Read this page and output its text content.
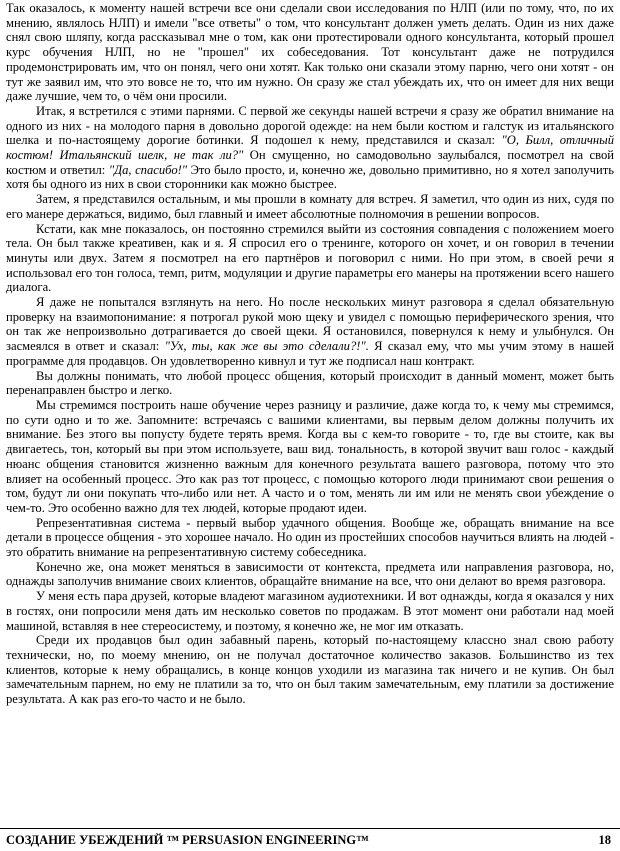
Так оказалось, к моменту нашей встречи все они сделали свои исследования по НЛП (или по тому, что, по их мнению, являлось НЛП) и имели "все ответы" о том, что консультант должен уметь делать. Один из них даже снял свою шляпу, когда рассказывал мне о том, как они протестировали одного консультанта, который прошел курс обучения НЛП, но не "прошел" их собеседования. Тот консультант даже не потрудился продемонстрировать им, что он понял, чего они хотят. Как только они сказали этому парню, чего они хотят - он тут же заявил им, что это вовсе не то, что им нужно. Он сразу же стал убеждать их, что он имеет для них вещи даже лучшие, чем то, о чём они просили.

Итак, я встретился с этими парнями. С первой же секунды нашей встречи я сразу же обратил внимание на одного из них - на молодого парня в довольно дорогой одежде: на нем были костюм и галстук из итальянского шелка и по-настоящему дорогие ботинки. Я подошел к нему, представился и сказал: "О, Билл, отличный костюм! Итальянский шелк, не так ли?" Он смущенно, но самодовольно заулыбался, посмотрел на свой костюм и ответил: "Да, спасибо!" Это было просто, и, конечно же, довольно примитивно, но я хотел заполучить хотя бы одного из них в свои сторонники как можно быстрее.

Затем, я представился остальным, и мы прошли в комнату для встреч. Я заметил, что один из них, судя по его манере держаться, видимо, был главный и имеет абсолютные полномочия в решении вопросов.

Кстати, как мне показалось, он постоянно стремился выйти из состояния совпадения с положением моего тела. Он был также креативен, как и я. Я спросил его о тренинге, которого он хочет, и он говорил в течении минуты или двух. Затем я посмотрел на его партнёров и поговорил с ними. Но при этом, в своей речи я использовал его тон голоса, темп, ритм, модуляции и другие параметры его манеры на протяжении всего нашего диалога.

Я даже не попытался взглянуть на него. Но после нескольких минут разговора я сделал обязательную проверку на взаимопонимание: я потрогал рукой мою щеку и увидел с помощью периферического зрения, что он так же непроизвольно дотрагивается до своей щеки. Я остановился, повернулся к нему и улыбнулся. Он засмеялся в ответ и сказал: "Ух, ты, как же вы это сделали?!". Я сказал ему, что мы учим этому в нашей программе для продавцов. Он удовлетворенно кивнул и тут же подписал наш контракт.

Вы должны понимать, что любой процесс общения, который происходит в данный момент, может быть перенаправлен быстро и легко.

Мы стремимся построить наше обучение через разницу и различие, даже когда то, к чему мы стремимся, по сути одно и то же. Запомните: встречаясь с вашими клиентами, вы первым делом должны получить их внимание. Без этого вы попусту будете терять время. Когда вы с кем-то говорите - то, где вы стоите, как вы двигаетесь, тон, который вы при этом используете, ваш вид. тональность, в которой звучит ваш голос - каждый нюанс общения становится жизненно важным для конечного результата вашего разговора, потому что это влияет на особенный процесс. Это как раз тот процесс, с помощью которого люди принимают свои решения о том, будут ли они покупать что-либо или нет. А часто и о том, менять ли им или не менять свои убеждение о чем-то. Это особенно важно для тех людей, которые продают идеи.

Репрезентативная система - первый выбор удачного общения. Вообще же, обращать внимание на все детали в процессе общения - это хорошее начало. Но один из простейших способов научиться влиять на людей - это обратить внимание на репрезентативную систему собеседника.

Конечно же, она может меняться в зависимости от контекста, предмета или направления разговора, но, однажды заполучив внимание своих клиентов, обращайте внимание на все, что они делают во время разговора.

У меня есть пара друзей, которые владеют магазином аудиотехники. И вот однажды, когда я оказался у них в гостях, они попросили меня дать им несколько советов по продажам. В этот момент они работали над моей машиной, вставляя в нее стереосистему, и поэтому, я конечно же, не мог им отказать.

Среди их продавцов был один забавный парень, который по-настоящему классно знал свою работу технически, но, по моему мнению, он не получал достаточное количество заказов. Большинство из тех клиентов, которые к нему обращались, в конце концов уходили из магазина так ничего и не купив. Он был замечательным парнем, но ему не платили за то, что он был таким замечательным, ему платили за достижение результата. А как раз его-то часто и не было.

СОЗДАНИЕ УБЕЖДЕНИЙ ™ PERSUASION ENGINEERING™	18
